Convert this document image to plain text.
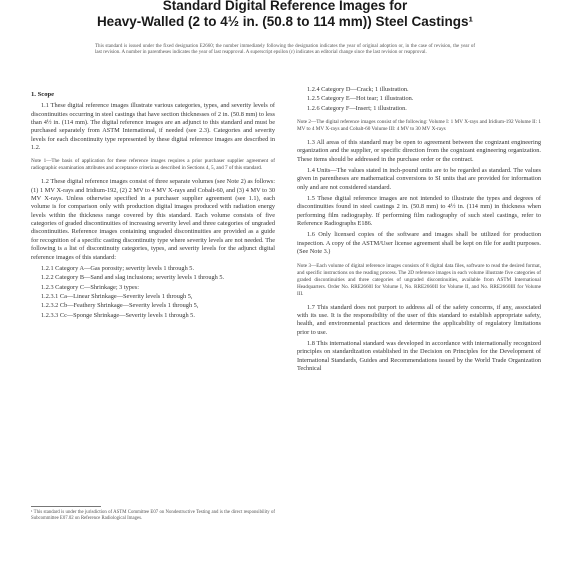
Standard Digital Reference Images for
Heavy-Walled (2 to 4½ in. (50.8 to 114 mm)) Steel Castings¹
This standard is issued under the fixed designation E2660; the number immediately following the designation indicates the year of original adoption or, in the case of revision, the year of last revision. A number in parentheses indicates the year of last reapproval. A superscript epsilon (ε) indicates an editorial change since the last revision or reapproval.
1. Scope
1.1 These digital reference images illustrate various categories, types, and severity levels of discontinuities occurring in steel castings that have section thicknesses of 2 in. (50.8 mm) to less than 4½ in. (114 mm). The digital reference images are an adjunct to this standard and must be purchased separately from ASTM International, if needed (see 2.3). Categories and severity levels for each discontinuity type represented by these digital reference images are described in 1.2.
Note 1—The basis of application for these reference images requires a prior purchaser supplier agreement of radiographic examination attributes and acceptance criteria as described in Sections 4, 5, and 7 of this standard.
1.2 These digital reference images consist of three separate volumes (see Note 2) as follows: (1) 1 MV X-rays and Iridium-192, (2) 2 MV to 4 MV X-rays and Cobalt-60, and (3) 4 MV to 30 MV X-rays. Unless otherwise specified in a purchaser supplier agreement (see 1.1), each volume is for comparison only with production digital images produced with radiation energy levels within the thickness range covered by this standard. Each volume consists of five categories of graded discontinuities of increasing severity level and three categories of ungraded discontinuities. Reference images containing ungraded discontinuities are provided as a guide for recognition of a specific casting discontinuity type where severity levels are not needed. The following is a list of discontinuity categories, types, and severity levels for the adjunct digital reference images of this standard:
1.2.1 Category A—Gas porosity; severity levels 1 through 5.
1.2.2 Category B—Sand and slag inclusions; severity levels 1 through 5.
1.2.3 Category C—Shrinkage; 3 types:
1.2.3.1 Ca—Linear Shrinkage—Severity levels 1 through 5,
1.2.3.2 Cb—Feathery Shrinkage—Severity levels 1 through 5,
1.2.3.3 Cc—Sponge Shrinkage—Severity levels 1 through 5.
¹ This standard is under the jurisdiction of ASTM Committee E07 on Nondestructive Testing and is the direct responsibility of Subcommittee E07.02 on Reference Radiological Images.
1.2.4 Category D—Crack; 1 illustration.
1.2.5 Category E—Hot tear; 1 illustration.
1.2.6 Category F—Insert; 1 illustration.
Note 2—The digital reference images consist of the following: Volume I: 1 MV X-rays and Iridium-192 Volume II: 1 MV to 4 MV X-rays and Cobalt-60 Volume III: 4 MV to 30 MV X-rays
1.3 All areas of this standard may be open to agreement between the cognizant engineering organization and the supplier, or specific direction from the cognizant engineering organization. These items should be addressed in the purchase order or the contract.
1.4 Units—The values stated in inch-pound units are to be regarded as standard. The values given in parentheses are mathematical conversions to SI units that are provided for information only and are not considered standard.
1.5 These digital reference images are not intended to illustrate the types and degrees of discontinuities found in steel castings 2 in. (50.8 mm) to 4½ in. (114 mm) in thickness when performing film radiography. If performing film radiography of such steel castings, refer to Reference Radiographs E186.
1.6 Only licensed copies of the software and images shall be utilized for production inspection. A copy of the ASTM/User license agreement shall be kept on file for audit purposes. (See Note 3.)
Note 3—Each volume of digital reference images consists of 8 digital data files, software to read the desired format, and specific instructions on the reading process. The 2D reference images in each volume illustrate five categories of graded discontinuities and three categories of ungraded discontinuities, available from ASTM International Headquarters. Order No. RRE2660I for Volume I, No. RRE2660II for Volume II, and No. RRE2660III for Volume III.
1.7 This standard does not purport to address all of the safety concerns, if any, associated with its use. It is the responsibility of the user of this standard to establish appropriate safety, health, and environmental practices and determine the applicability of regulatory limitations prior to use.
1.8 This international standard was developed in accordance with internationally recognized principles on standardization established in the Decision on Principles for the Development of International Standards, Guides and Recommendations issued by the World Trade Organization Technical
